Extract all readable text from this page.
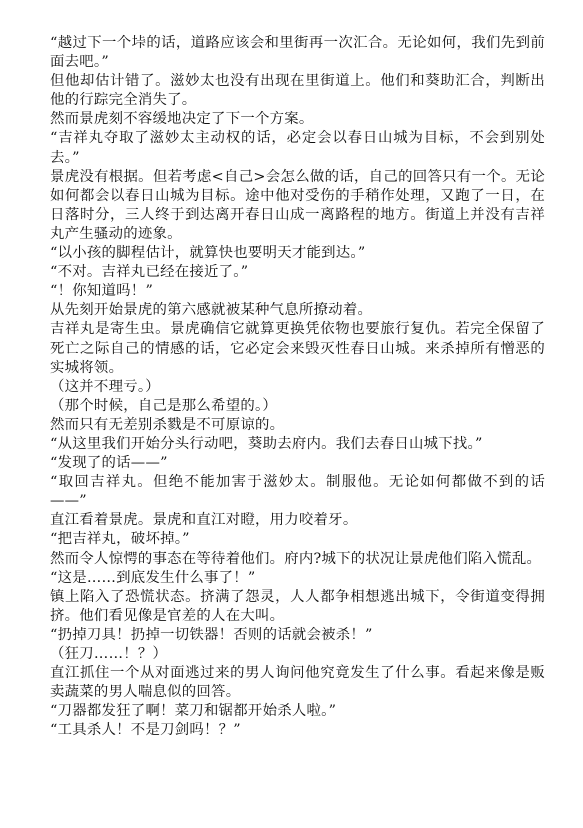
“越过下一个垰的话，道路应该会和里街再一次汇合。无论如何，我们先到前面去吧。”

但他却估计错了。滋妙太也没有出现在里街道上。他们和葵助汇合，判断出他的行踪完全消失了。

然而景虎刻不容缓地决定了下一个方案。

“吉祥丸夺取了滋妙太主动权的话，必定会以春日山城为目标，不会到别处去。”

景虎没有根据。但若考虑<自己>会怎么做的话，自己的回答只有一个。无论如何都会以春日山城为目标。途中他对受伤的手稍作处理，又跑了一日，在日落时分，三人终于到达离开春日山成一离路程的地方。街道上并没有吉祥丸产生骚动的迹象。

“以小孩的脚程估计，就算快也要明天才能到达。”

“不对。吉祥丸已经在接近了。”

“！你知道吗！”

从先刻开始景虎的第六感就被某种气息所撩动着。

吉祥丸是寄生虫。景虎确信它就算更换凭依物也要旅行复仇。若完全保留了死亡之际自己的情感的话，它必定会来毁灭性春日山城。来杀掉所有憎恶的实城将领。

（这并不理亏。）

（那个时候，自己是那么希望的。）

然而只有无差别杀戮是不可原谅的。

“从这里我们开始分头行动吧，葵助去府内。我们去春日山城下找。”

“发现了的话——”

“取回吉祥丸。但绝不能加害于滋妙太。制服他。无论如何都做不到的话——”

直江看着景虎。景虎和直江对瞪，用力咬着牙。

“把吉祥丸，破坏掉。”

然而令人惊愕的事态在等待着他们。府内?城下的状况让景虎他们陷入慌乱。

“这是……到底发生什么事了！”

镇上陷入了恐慌状态。挤满了怨灵，人人都争相想逃出城下，令街道变得拥挤。他们看见像是官差的人在大叫。

“扔掉刀具！扔掉一切铁器！否则的话就会被杀！”

（狂刀……！？）

直江抓住一个从对面逃过来的男人询问他究竟发生了什么事。看起来像是贩卖蔬菜的男人喘息似的回答。

“刀器都发狂了啊！菜刀和锯都开始杀人啦。”

“工具杀人！不是刀剑吗！？”
